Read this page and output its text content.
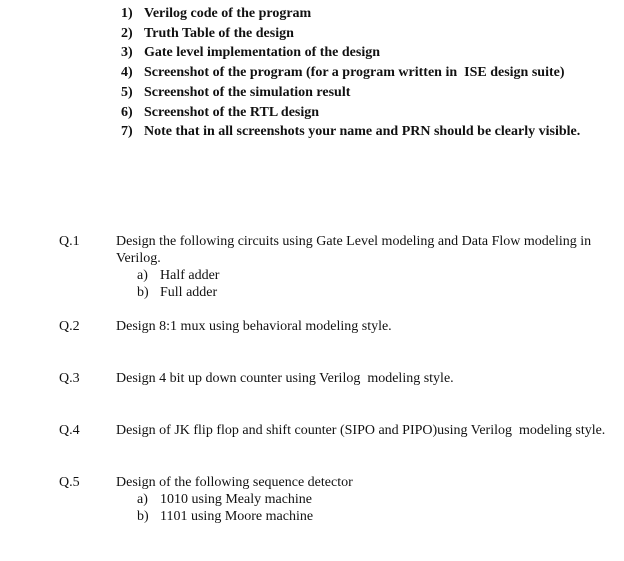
1) Verilog code of the program
2) Truth Table of the design
3) Gate level implementation of the design
4) Screenshot of the program (for a program written in  ISE design suite)
5) Screenshot of the simulation result
6) Screenshot of the RTL design
7) Note that in all screenshots your name and PRN should be clearly visible.
Q.1	Design the following circuits using Gate Level modeling and Data Flow modeling in Verilog.
a) Half adder
b) Full adder
Q.2	Design 8:1 mux using behavioral modeling style.
Q.3	Design 4 bit up down counter using Verilog  modeling style.
Q.4	Design of JK flip flop and shift counter (SIPO and PIPO)using Verilog  modeling style.
Q.5	Design of the following sequence detector
a) 1010 using Mealy machine
b) 1101 using Moore machine
